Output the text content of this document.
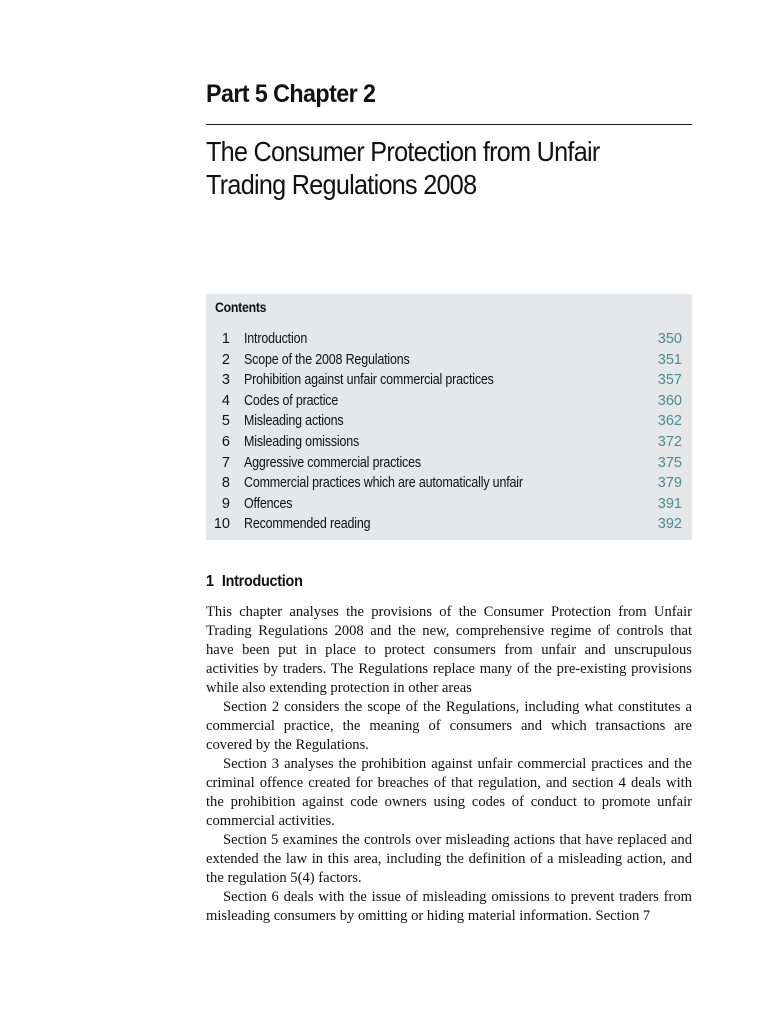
Part 5 Chapter 2
The Consumer Protection from Unfair Trading Regulations 2008
Contents
1 Introduction	350
2 Scope of the 2008 Regulations	351
3 Prohibition against unfair commercial practices	357
4 Codes of practice	360
5 Misleading actions	362
6 Misleading omissions	372
7 Aggressive commercial practices	375
8 Commercial practices which are automatically unfair	379
9 Offences	391
10 Recommended reading	392
1 Introduction

This chapter analyses the provisions of the Consumer Protection from Unfair Trading Regulations 2008 and the new, comprehensive regime of controls that have been put in place to protect consumers from unfair and unscrupulous activities by traders. The Regulations replace many of the pre-existing provisions while also extending protection in other areas

Section 2 considers the scope of the Regulations, including what constitutes a commercial practice, the meaning of consumers and which transactions are covered by the Regulations.

Section 3 analyses the prohibition against unfair commercial practices and the criminal offence created for breaches of that regulation, and section 4 deals with the prohibition against code owners using codes of conduct to promote unfair commercial activities.

Section 5 examines the controls over misleading actions that have replaced and extended the law in this area, including the definition of a misleading action, and the regulation 5(4) factors.

Section 6 deals with the issue of misleading omissions to prevent traders from misleading consumers by omitting or hiding material information. Section 7
